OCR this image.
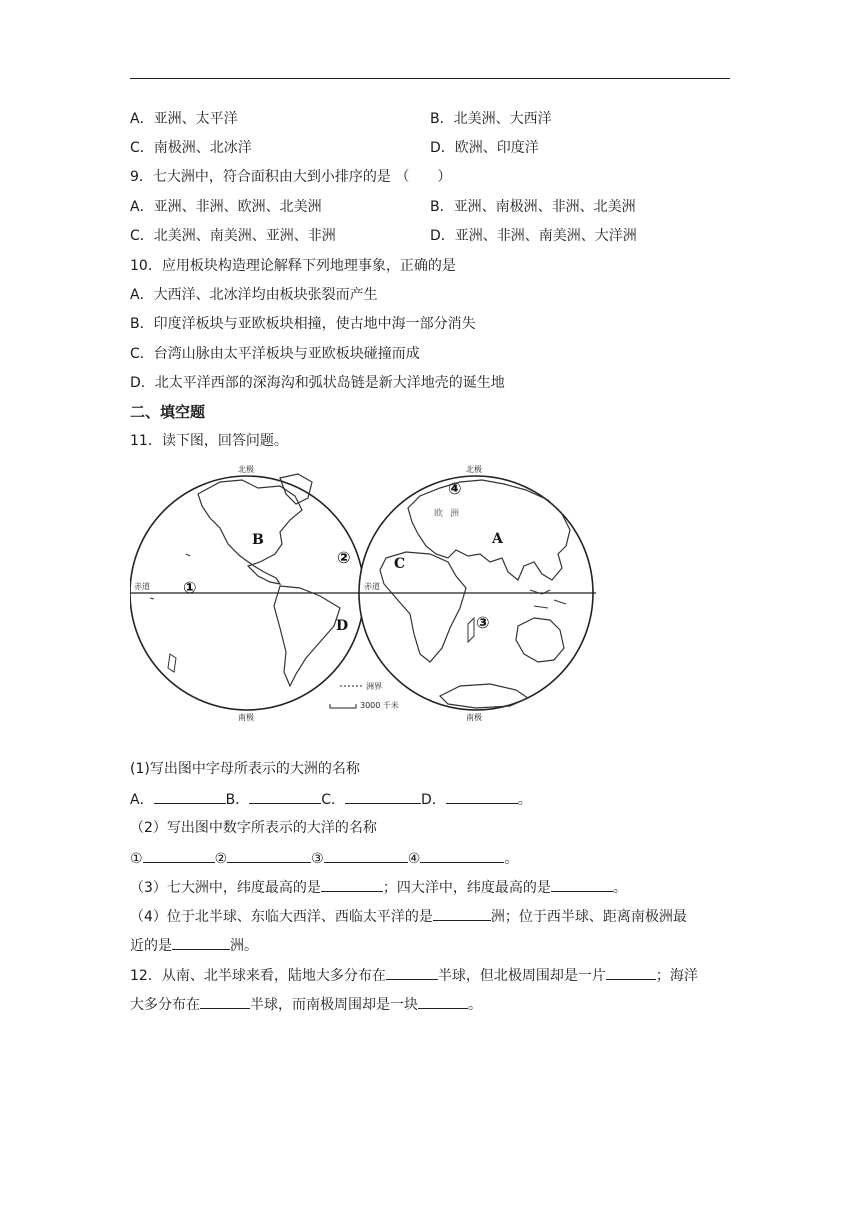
A．亚洲、太平洋	B．北美洲、大西洋
C．南极洲、北冰洋	D．欧洲、印度洋
9．七大洲中，符合面积由大到小排序的是 （　　）
A．亚洲、非洲、欧洲、北美洲	B．亚洲、南极洲、非洲、北美洲
C．北美洲、南美洲、亚洲、非洲	D．亚洲、非洲、南美洲、大洋洲
10．应用板块构造理论解释下列地理事象，正确的是
A．大西洋、北冰洋均由板块张裂而产生
B．印度洋板块与亚欧板块相撞，使古地中海一部分消失
C．台湾山脉由太平洋板块与亚欧板块碰撞而成
D．北太平洋西部的深海沟和弧状岛链是新大洋地壳的诞生地
二、填空题
11．读下图，回答问题。
北极
南极
北极
南极
赤道	赤道
B
C
A
D
欧 洲
①
②
③
④
洲界
3000 千米
(1)写出图中字母所表示的大洲的名称
A．	B．	C．	D．	。
（2）写出图中数字所表示的大洋的名称
①	②	③	④	。
（3）七大洲中，纬度最高的是	；四大洋中，纬度最高的是	。
（4）位于北半球、东临大西洋、西临太平洋的是	洲；位于西半球、距离南极洲最
近的是	洲。
12．从南、北半球来看，陆地大多分布在	半球，但北极周围却是一片	；海洋
大多分布在	半球，而南极周围却是一块	。
